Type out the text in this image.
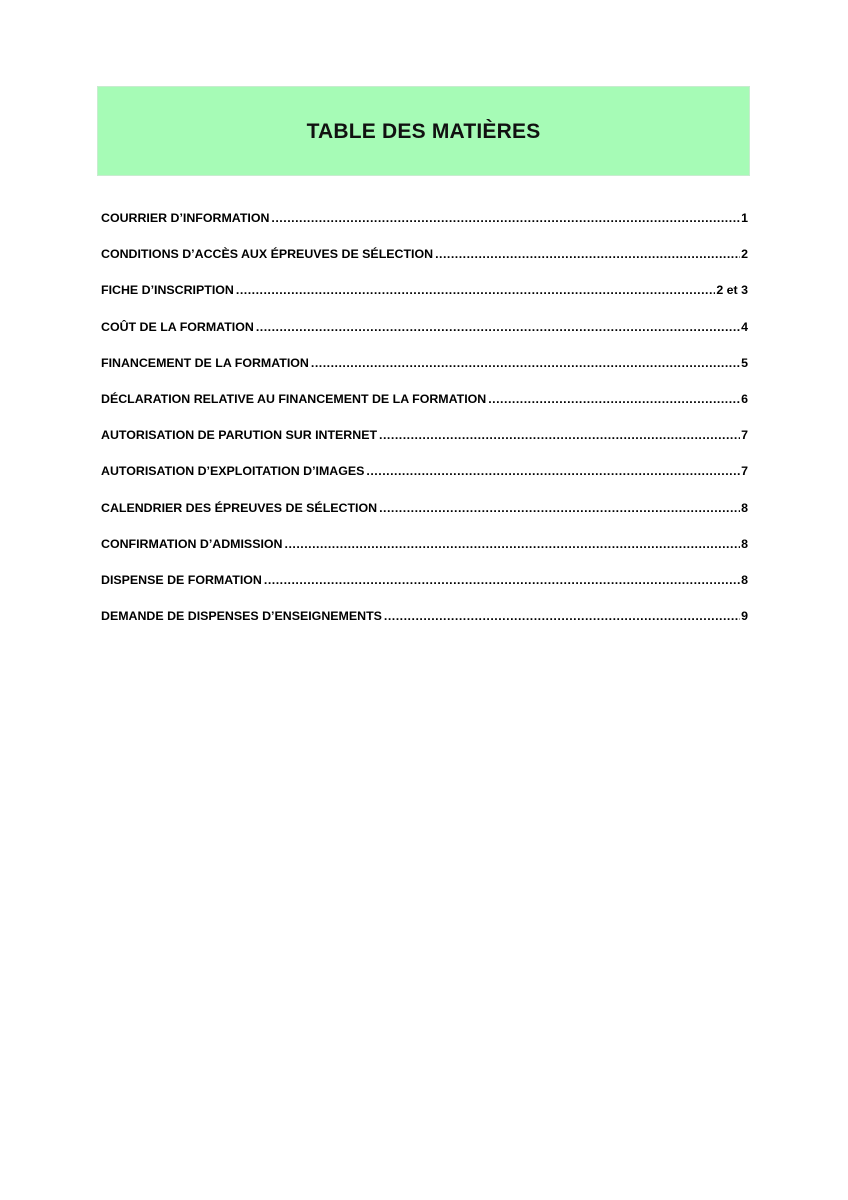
TABLE DES MATIÈRES
COURRIER D’INFORMATION .....	1
CONDITIONS D’ACCÈS AUX ÉPREUVES DE SÉLECTION .....	2
FICHE D’INSCRIPTION .....	2 et 3
COÛT DE LA FORMATION .....	4
FINANCEMENT DE LA FORMATION .....	5
DÉCLARATION RELATIVE AU FINANCEMENT DE LA FORMATION .....	6
AUTORISATION DE PARUTION SUR INTERNET .....	7
AUTORISATION D’EXPLOITATION D’IMAGES .....	7
CALENDRIER DES ÉPREUVES DE SÉLECTION .....	8
CONFIRMATION D’ADMISSION .....	8
DISPENSE DE FORMATION .....	8
DEMANDE DE DISPENSES D’ENSEIGNEMENTS .....	9
